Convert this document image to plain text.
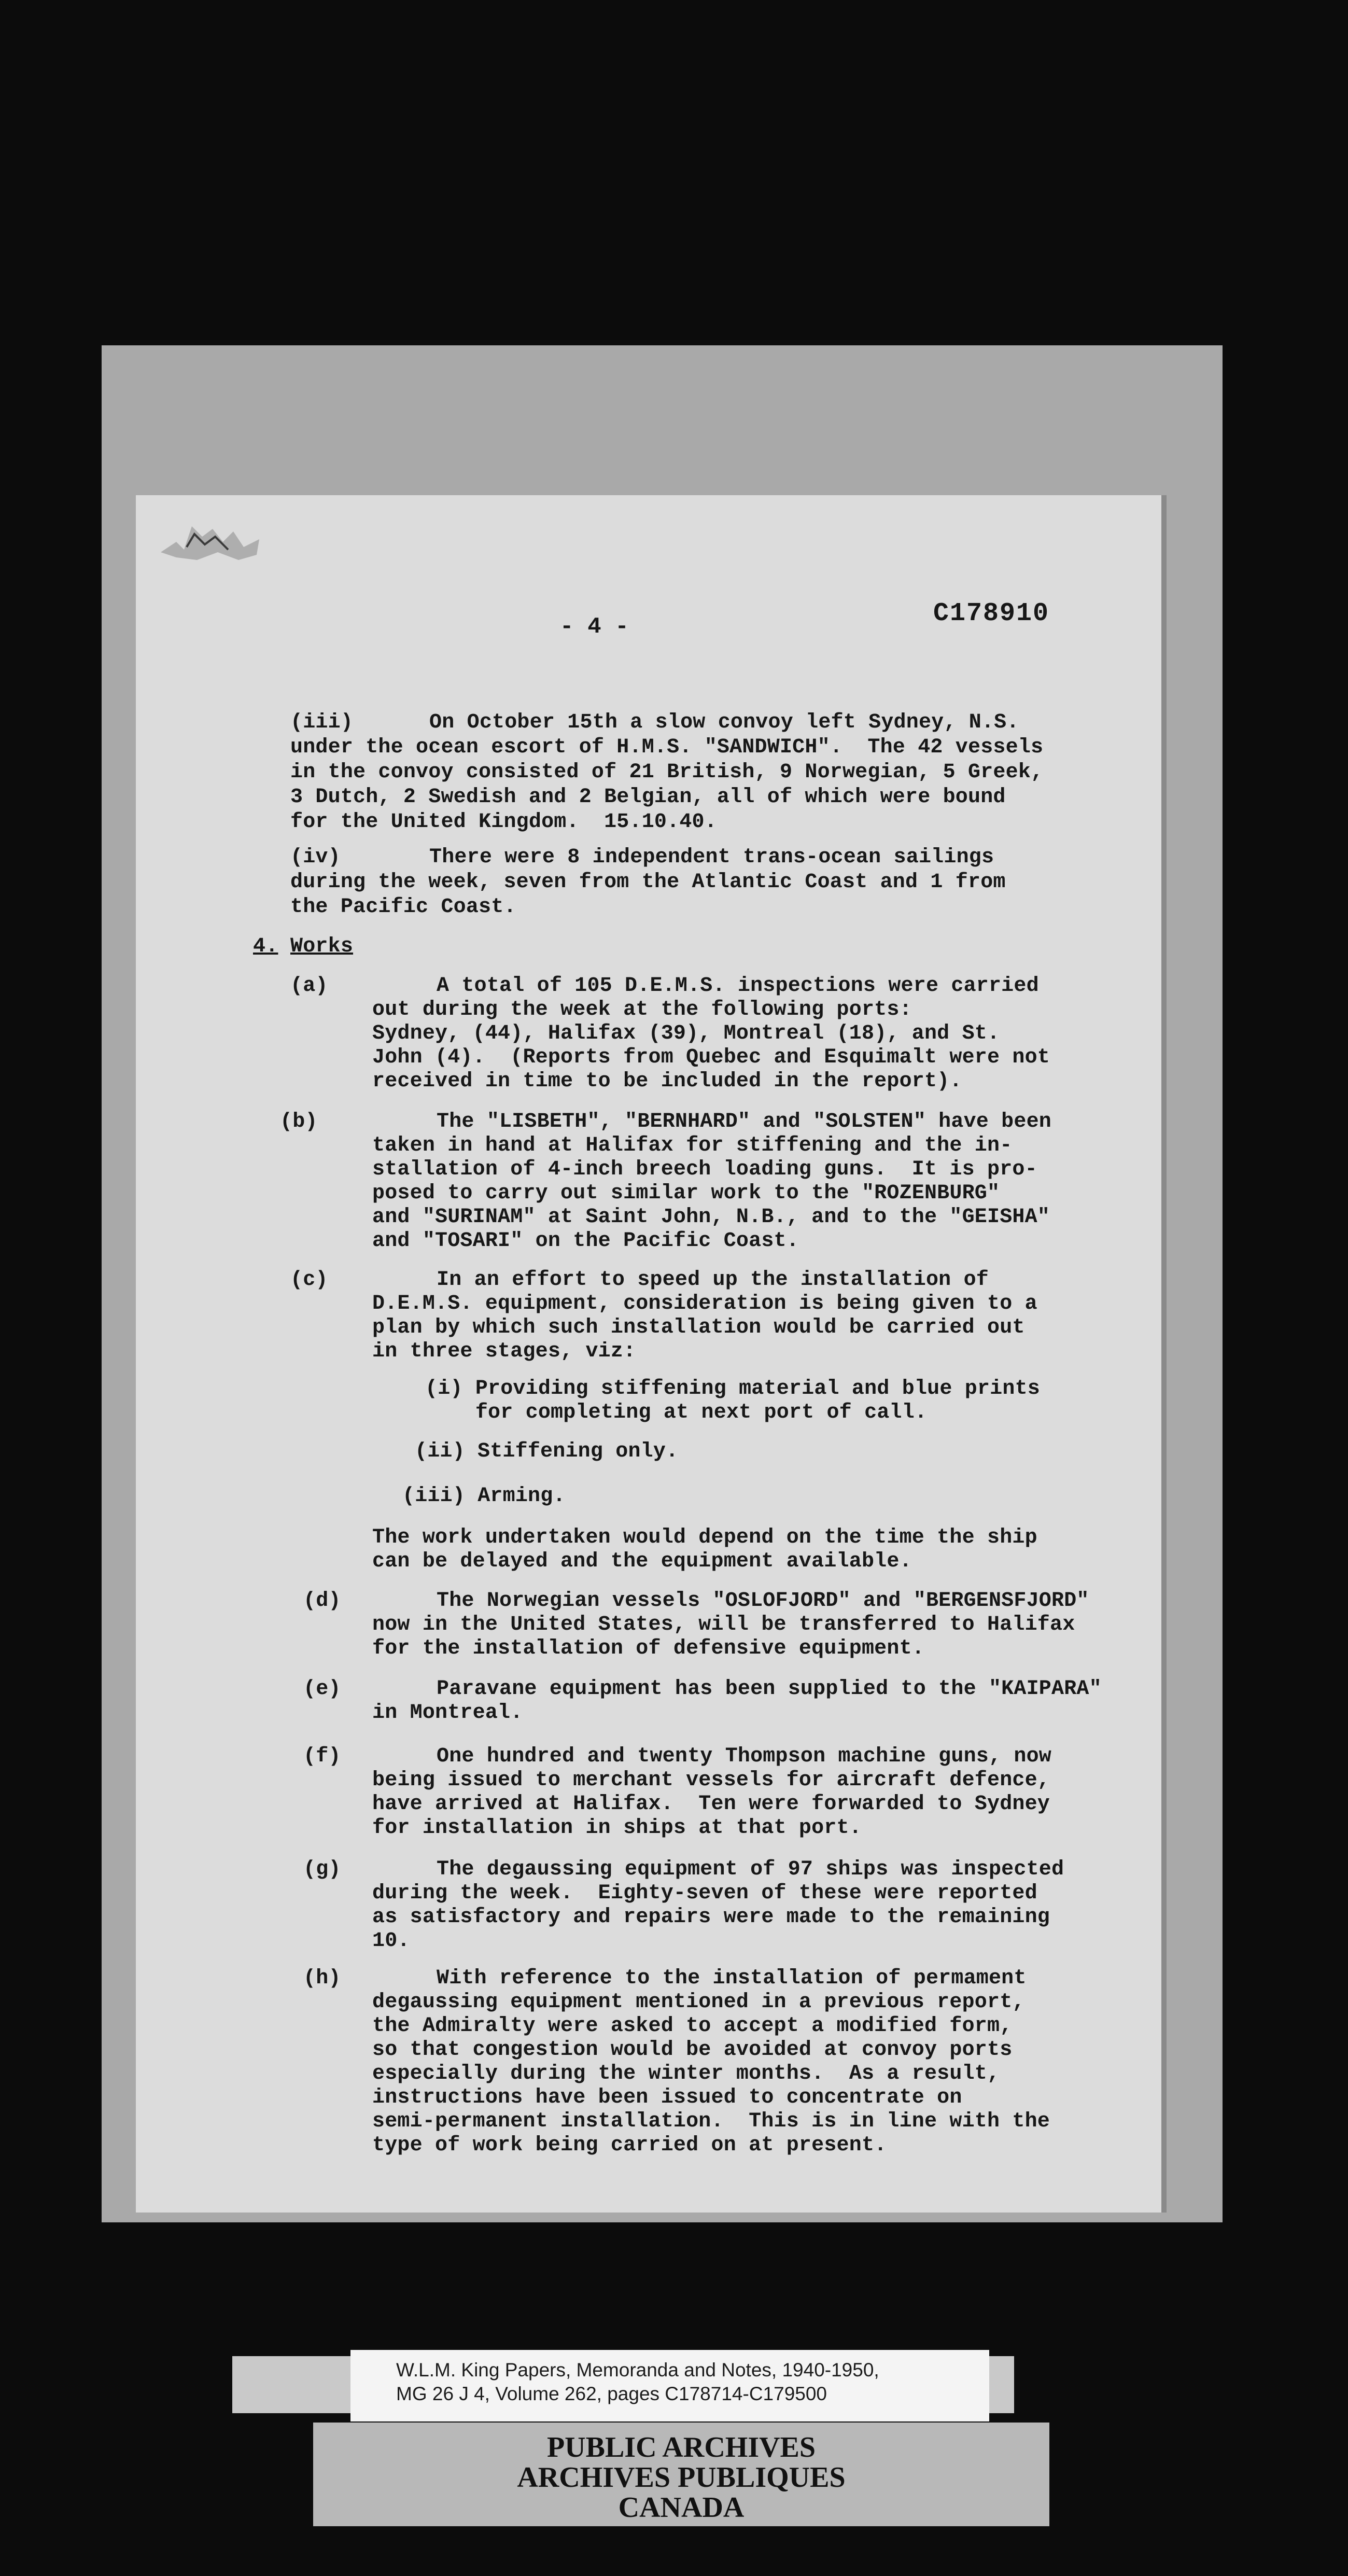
- 4 -	C178910

(iii)	On October 15th a slow convoy left Sydney, N.S.

under the ocean escort of H.M.S. "SANDWICH".  The 42 vessels

in the convoy consisted of 21 British, 9 Norwegian, 5 Greek,

3 Dutch, 2 Swedish and 2 Belgian, all of which were bound

for the United Kingdom.  15.10.40.

(iv)	There were 8 independent trans-ocean sailings

during the week, seven from the Atlantic Coast and 1 from

the Pacific Coast.

4. Works

(a)	A total of 105 D.E.M.S. inspections were carried

out during the week at the following ports:

Sydney, (44), Halifax (39), Montreal (18), and St.

John (4).  (Reports from Quebec and Esquimalt were not

received in time to be included in the report).

(b)	The "LISBETH", "BERNHARD" and "SOLSTEN" have been

taken in hand at Halifax for stiffening and the in-

stallation of 4-inch breech loading guns.  It is pro-

posed to carry out similar work to the "ROZENBURG"

and "SURINAM" at Saint John, N.B., and to the "GEISHA"

and "TOSARI" on the Pacific Coast.

(c)	In an effort to speed up the installation of

D.E.M.S. equipment, consideration is being given to a

plan by which such installation would be carried out

in three stages, viz:

(i) Providing stiffening material and blue prints

for completing at next port of call.

(ii) Stiffening only.

(iii) Arming.

The work undertaken would depend on the time the ship

can be delayed and the equipment available.

(d)	The Norwegian vessels "OSLOFJORD" and "BERGENSFJORD"

now in the United States, will be transferred to Halifax

for the installation of defensive equipment.

(e)	Paravane equipment has been supplied to the "KAIPARA"

in Montreal.

(f)	One hundred and twenty Thompson machine guns, now

being issued to merchant vessels for aircraft defence,

have arrived at Halifax.  Ten were forwarded to Sydney

for installation in ships at that port.

(g)	The degaussing equipment of 97 ships was inspected

during the week.  Eighty-seven of these were reported

as satisfactory and repairs were made to the remaining

10.

(h)	With reference to the installation of permament

degaussing equipment mentioned in a previous report,

the Admiralty were asked to accept a modified form,

so that congestion would be avoided at convoy ports

especially during the winter months.  As a result,

instructions have been issued to concentrate on

semi-permanent installation.  This is in line with the

type of work being carried on at present.

W.L.M. King Papers, Memoranda and Notes, 1940-1950,

MG 26 J 4, Volume 262, pages C178714-C179500

PUBLIC ARCHIVES

ARCHIVES PUBLIQUES

CANADA
